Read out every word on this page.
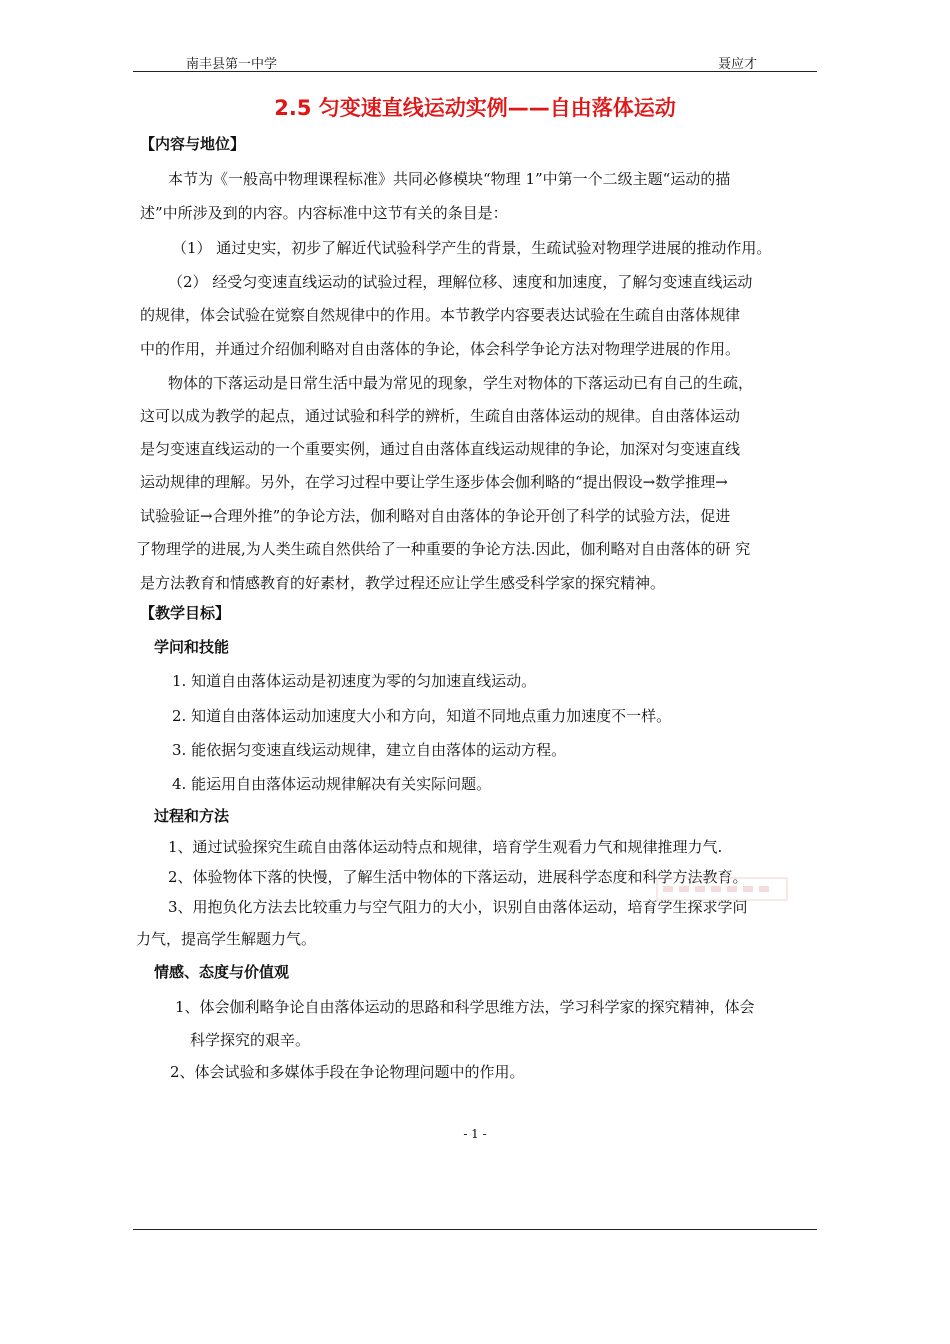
南丰县第一中学	聂应才
2.5 匀变速直线运动实例——自由落体运动
【内容与地位】
本节为《一般高中物理课程标准》共同必修模块“物理 1”中第一个二级主题“运动的描
述”中所涉及到的内容。内容标准中这节有关的条目是：
（1） 通过史实，初步了解近代试验科学产生的背景，生疏试验对物理学进展的推动作用。
（2） 经受匀变速直线运动的试验过程，理解位移、速度和加速度，了解匀变速直线运动
的规律，体会试验在觉察自然规律中的作用。本节教学内容要表达试验在生疏自由落体规律
中的作用，并通过介绍伽利略对自由落体的争论，体会科学争论方法对物理学进展的作用。
物体的下落运动是日常生活中最为常见的现象，学生对物体的下落运动已有自己的生疏，
这可以成为教学的起点，通过试验和科学的辨析，生疏自由落体运动的规律。自由落体运动
是匀变速直线运动的一个重要实例，通过自由落体直线运动规律的争论，加深对匀变速直线
运动规律的理解。另外，在学习过程中要让学生逐步体会伽利略的“提出假设→数学推理→
试验验证→合理外推”的争论方法，伽利略对自由落体的争论开创了科学的试验方法，促进
了物理学的进展,为人类生疏自然供给了一种重要的争论方法.因此，伽利略对自由落体的研 究
是方法教育和情感教育的好素材，教学过程还应让学生感受科学家的探究精神。
【教学目标】
学问和技能
1. 知道自由落体运动是初速度为零的匀加速直线运动。
2. 知道自由落体运动加速度大小和方向，知道不同地点重力加速度不一样。
3. 能依据匀变速直线运动规律，建立自由落体的运动方程。
4. 能运用自由落体运动规律解决有关实际问题。
过程和方法
1、通过试验探究生疏自由落体运动特点和规律，培育学生观看力气和规律推理力气.
2、体验物体下落的快慢，了解生活中物体的下落运动，进展科学态度和科学方法教育。
3、用抱负化方法去比较重力与空气阻力的大小，识别自由落体运动，培育学生探求学问
力气，提高学生解题力气。
情感、态度与价值观
1、体会伽利略争论自由落体运动的思路和科学思维方法，学习科学家的探究精神，体会
科学探究的艰辛。
2、体会试验和多媒体手段在争论物理问题中的作用。
- 1 -
